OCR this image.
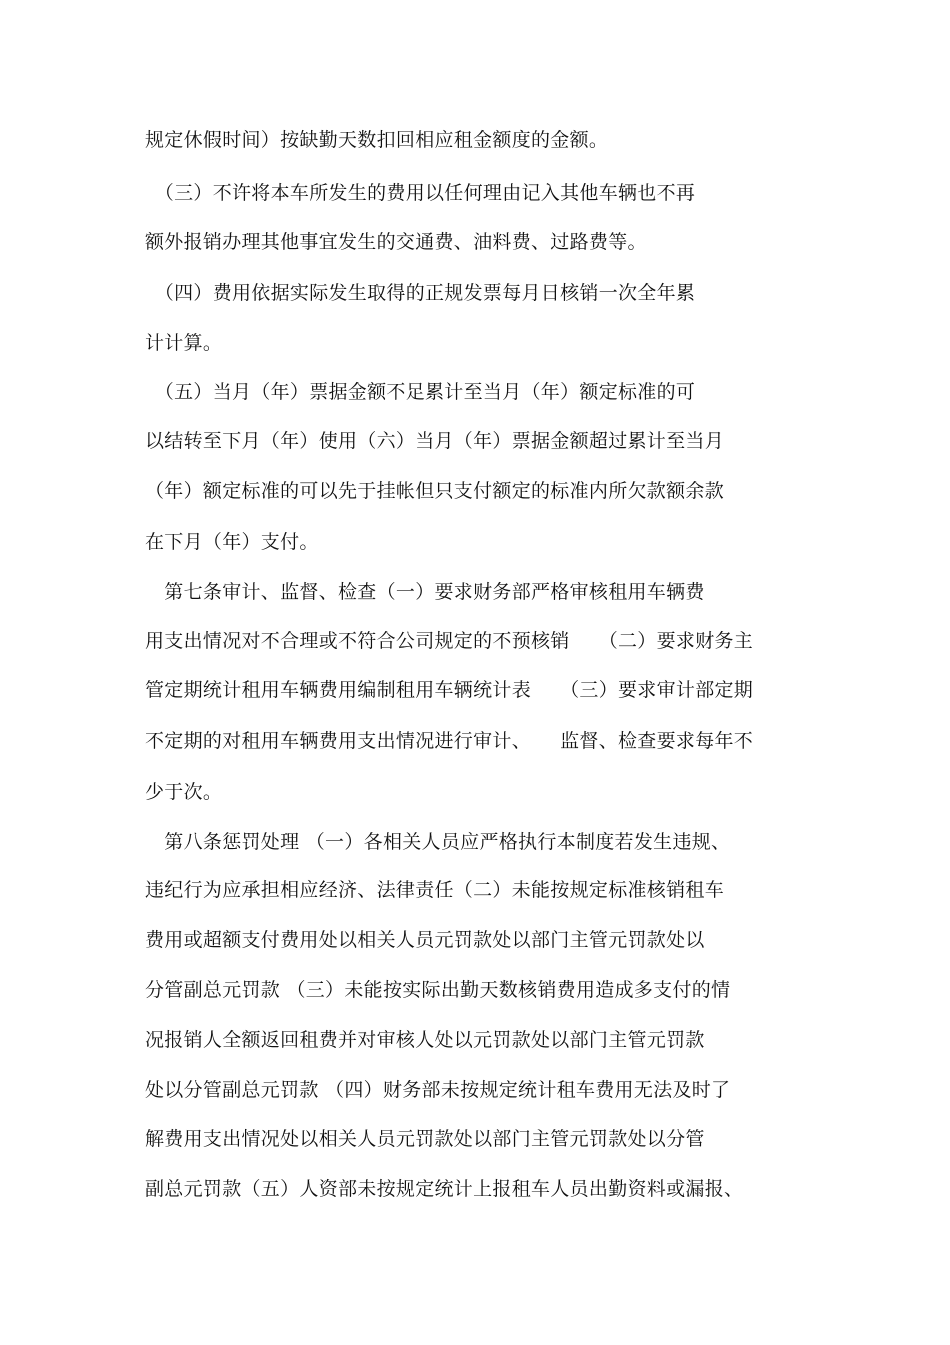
规定休假时间）按缺勤天数扣回相应租金额度的金额。
　（三）不许将本车所发生的费用以任何理由记入其他车辆也不再
额外报销办理其他事宜发生的交通费、油料费、过路费等。
　（四）费用依据实际发生取得的正规发票每月日核销一次全年累
计计算。
　（五）当月（年）票据金额不足累计至当月（年）额定标准的可
以结转至下月（年）使用（六）当月（年）票据金额超过累计至当月
（年）额定标准的可以先于挂帐但只支付额定的标准内所欠款额余款
在下月（年）支付。
　第七条审计、监督、检查（一）要求财务部严格审核租用车辆费
用支出情况对不合理或不符合公司规定的不预核销　　（二）要求财务主
管定期统计租用车辆费用编制租用车辆统计表　　（三）要求审计部定期
不定期的对租用车辆费用支出情况进行审计、　　监督、检查要求每年不
少于次。
　第八条惩罚处理 （一）各相关人员应严格执行本制度若发生违规、
违纪行为应承担相应经济、法律责任（二）未能按规定标准核销租车
费用或超额支付费用处以相关人员元罚款处以部门主管元罚款处以
分管副总元罚款 （三）未能按实际出勤天数核销费用造成多支付的情
况报销人全额返回租费并对审核人处以元罚款处以部门主管元罚款
处以分管副总元罚款 （四）财务部未按规定统计租车费用无法及时了
解费用支出情况处以相关人员元罚款处以部门主管元罚款处以分管
副总元罚款（五）人资部未按规定统计上报租车人员出勤资料或漏报、
